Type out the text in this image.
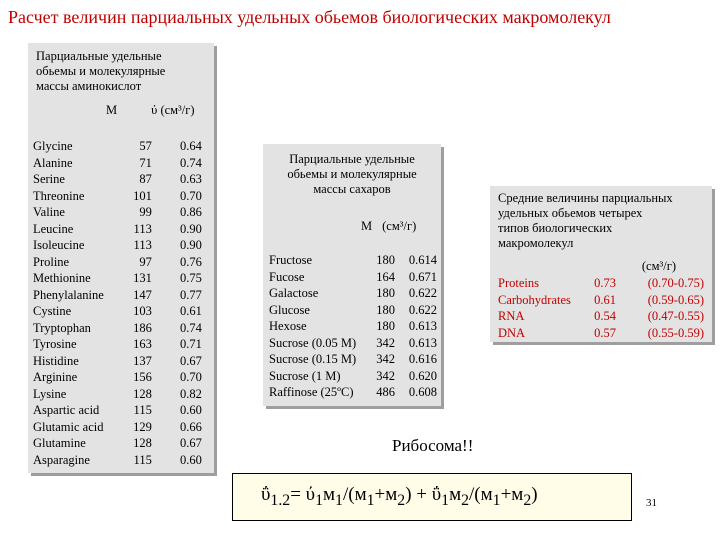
Расчет величин парциальных удельных обьемов биологических макромолекул
Парциальные удельные
обьемы и молекулярные
массы аминокислот
M	ύ (cм³/г)
Glycine	57	0.64
Alanine	71	0.74
Serine	87	0.63
Threonine	101	0.70
Valine	99	0.86
Leucine	113	0.90
Isoleucine	113	0.90
Proline	97	0.76
Methionine	131	0.75
Phenylalanine	147	0.77
Cystine	103	0.61
Tryptophan	186	0.74
Tyrosine	163	0.71
Histidine	137	0.67
Arginine	156	0.70
Lysine	128	0.82
Aspartic acid	115	0.60
Glutamic acid	129	0.66
Glutamine	128	0.67
Asparagine	115	0.60
Парциальные удельные
обьемы и молекулярные
массы сахаров
M (cм³/г)
Fructose	180	0.614
Fucose	164	0.671
Galactose	180	0.622
Glucose	180	0.622
Hexose	180	0.613
Sucrose (0.05 M)	342	0.613
Sucrose (0.15 M)	342	0.616
Sucrose (1 M)	342	0.620
Raffinose (25ºC)	486	0.608
Средние величины парциальных
удельных обьемов четырех
типов биологических
макромолекул
(cм³/г)
Proteins	0.73	(0.70-0.75)
Carbohydrates	0.61	(0.59-0.65)
RNA	0.54	(0.47-0.55)
DNA	0.57	(0.55-0.59)
Рибосома!!
$ΰ_{1.2}= ύ_1м_1/(м_1+м_2) + ΰ_1м_2/(м_1+м_2)$	31
